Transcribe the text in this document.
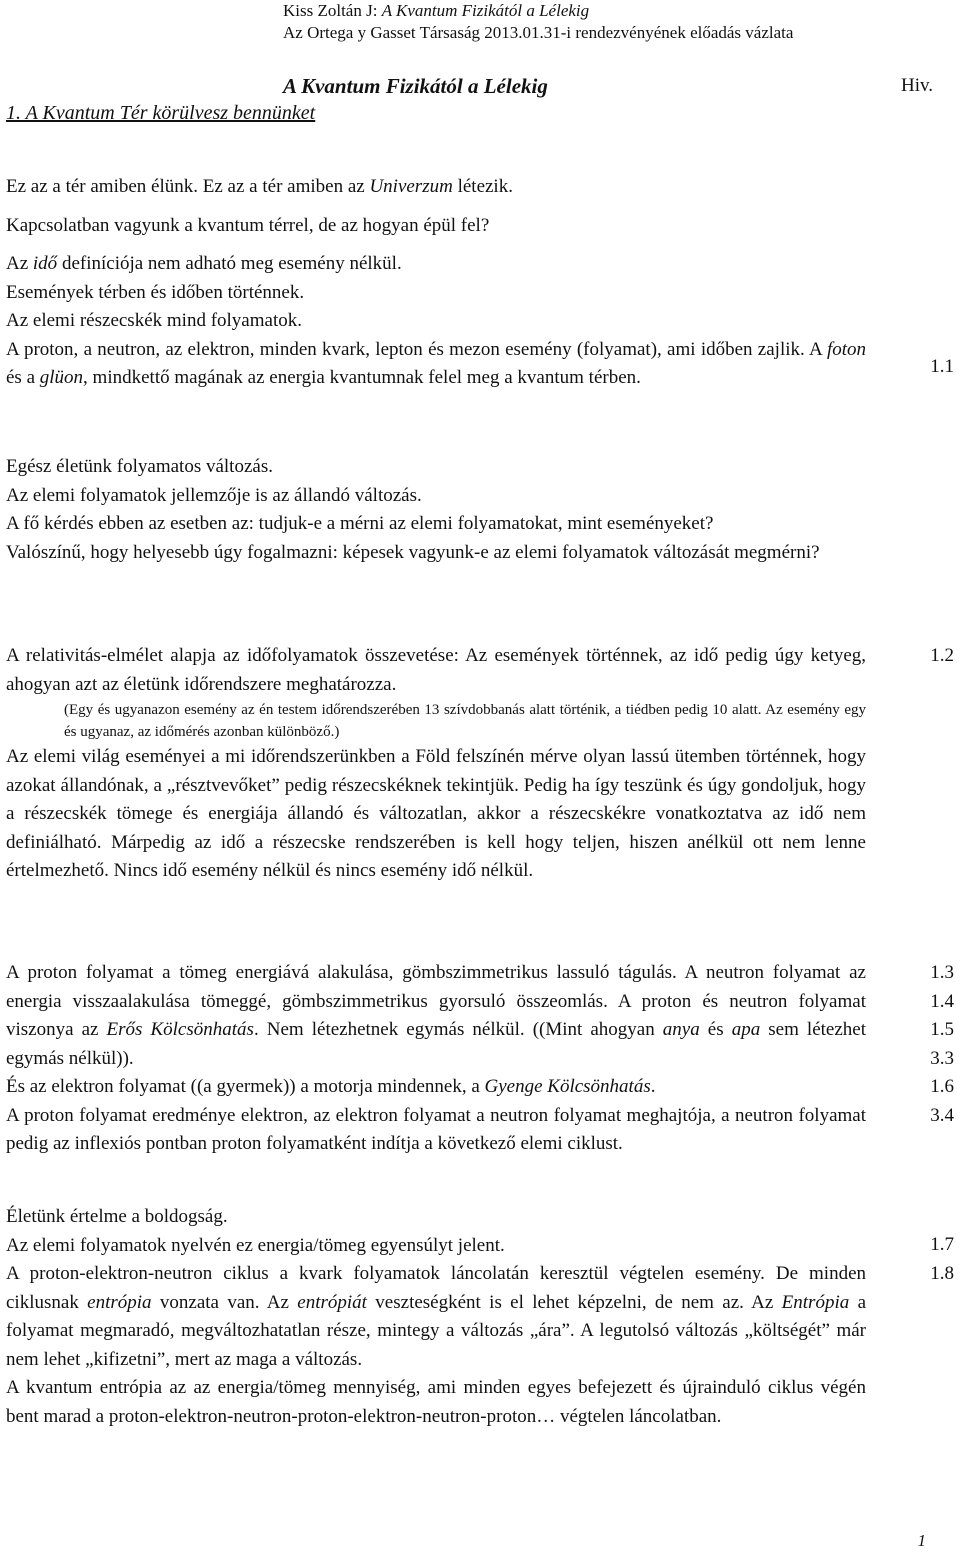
Kiss Zoltán J: A Kvantum Fizikától a Lélekig
Az Ortega y Gasset Társaság 2013.01.31-i rendezvényének előadás vázlata
A Kvantum Fizikától a Lélekig	Hiv.
1. A Kvantum Tér körülvesz bennünket

Ez az a tér amiben élünk. Ez az a tér amiben az Univerzum létezik.

Kapcsolatban vagyunk a kvantum térrel, de az hogyan épül fel?

Az idő definíciója nem adható meg esemény nélkül.

Események térben és időben történnek.

Az elemi részecskék mind folyamatok.

A proton, a neutron, az elektron, minden kvark, lepton és mezon esemény (folyamat), ami időben zajlik. A foton és a glüon, mindkettő magának az energia kvantumnak felel meg a kvantum térben.

Egész életünk folyamatos változás.

Az elemi folyamatok jellemzője is az állandó változás.

A fő kérdés ebben az esetben az: tudjuk-e a mérni az elemi folyamatokat, mint eseményeket?

Valószínű, hogy helyesebb úgy fogalmazni: képesek vagyunk-e az elemi folyamatok változását megmérni?

A relativitás-elmélet alapja az időfolyamatok összevetése: Az események történnek, az idő pedig úgy ketyeg, ahogyan azt az életünk időrendszere meghatározza.

(Egy és ugyanazon esemény az én testem időrendszerében 13 szívdobbanás alatt történik, a tiédben pedig 10 alatt. Az esemény egy és ugyanaz, az időmérés azonban különböző.)

Az elemi világ eseményei a mi időrendszerünkben a Föld felszínén mérve olyan lassú ütemben történnek, hogy azokat állandónak, a „résztvevőket” pedig részecskéknek tekintjük. Pedig ha így teszünk és úgy gondoljuk, hogy a részecskék tömege és energiája állandó és változatlan, akkor a részecskékre vonatkoztatva az idő nem definiálható. Márpedig az idő a részecske rendszerében is kell hogy teljen, hiszen anélkül ott nem lenne értelmezhető. Nincs idő esemény nélkül és nincs esemény idő nélkül.

A proton folyamat a tömeg energiává alakulása, gömbszimmetrikus lassuló tágulás. A neutron folyamat az energia visszaalakulása tömeggé, gömbszimmetrikus gyorsuló összeomlás. A proton és neutron folyamat viszonya az Erős Kölcsönhatás. Nem létezhetnek egymás nélkül. ((Mint ahogyan anya és apa sem létezhet egymás nélkül)).

És az elektron folyamat ((a gyermek)) a motorja mindennek, a Gyenge Kölcsönhatás.

A proton folyamat eredménye elektron, az elektron folyamat a neutron folyamat meghajtója, a neutron folyamat pedig az inflexiós pontban proton folyamatként indítja a következő elemi ciklust.

Életünk értelme a boldogság.

Az elemi folyamatok nyelvén ez energia/tömeg egyensúlyt jelent.

A proton-elektron-neutron ciklus a kvark folyamatok láncolatán keresztül végtelen esemény. De minden ciklusnak entrópia vonzata van. Az entrópiát veszteségként is el lehet képzelni, de nem az. Az Entrópia a folyamat megmaradó, megváltozhatatlan része, mintegy a változás „ára”. A legutolsó változás „költségét” már nem lehet „kifizetni”, mert az maga a változás.

A kvantum entrópia az az energia/tömeg mennyiség, ami minden egyes befejezett és újrainduló ciklus végén bent marad a proton-elektron-neutron-proton-elektron-neutron-proton… végtelen láncolatban.

1.1
1.2
1.3
1.4
1.5
3.3
1.6
3.4
1.7
1.8
1
